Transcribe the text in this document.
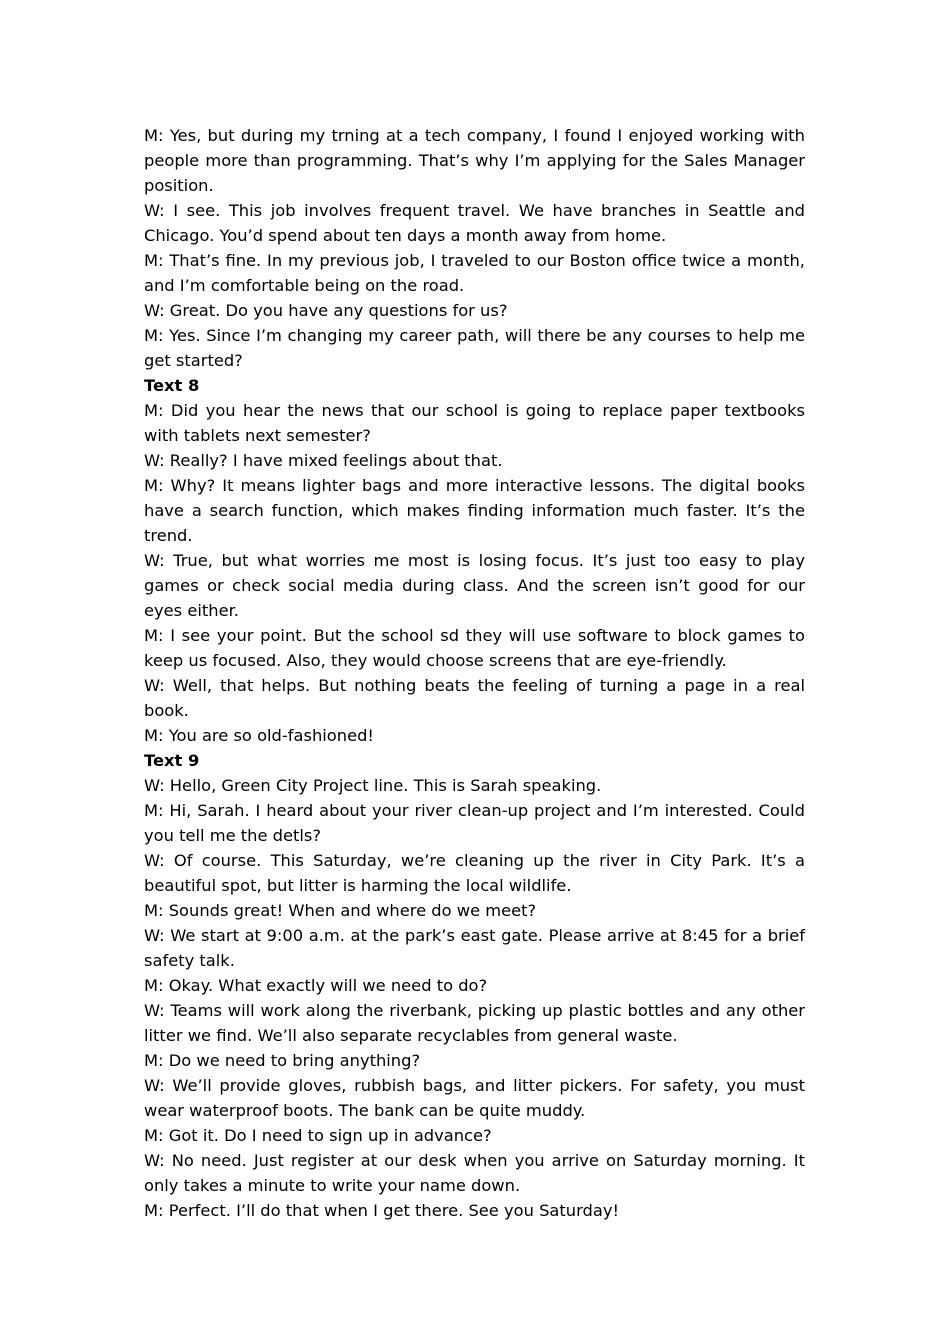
M: Yes, but during my trning at a tech company, I found I enjoyed working with people more than programming. That’s why I’m applying for the Sales Manager position.

W: I see. This job involves frequent travel. We have branches in Seattle and Chicago. You’d spend about ten days a month away from home.

M: That’s fine. In my previous job, I traveled to our Boston office twice a month, and I’m comfortable being on the road.

W: Great. Do you have any questions for us?

M: Yes. Since I’m changing my career path, will there be any courses to help me get started?

Text 8

M: Did you hear the news that our school is going to replace paper textbooks with tablets next semester?

W: Really? I have mixed feelings about that.

M: Why? It means lighter bags and more interactive lessons. The digital books have a search function, which makes finding information much faster. It’s the trend.

W: True, but what worries me most is losing focus. It’s just too easy to play games or check social media during class. And the screen isn’t good for our eyes either.

M: I see your point. But the school sd they will use software to block games to keep us focused. Also, they would choose screens that are eye-friendly.

W: Well, that helps. But nothing beats the feeling of turning a page in a real book.

M: You are so old-fashioned!

Text 9

W: Hello, Green City Project line. This is Sarah speaking.

M: Hi, Sarah. I heard about your river clean-up project and I’m interested. Could you tell me the detls?

W: Of course. This Saturday, we’re cleaning up the river in City Park. It’s a beautiful spot, but litter is harming the local wildlife.

M: Sounds great! When and where do we meet?

W: We start at 9:00 a.m. at the park’s east gate. Please arrive at 8:45 for a brief safety talk.

M: Okay. What exactly will we need to do?

W: Teams will work along the riverbank, picking up plastic bottles and any other litter we find. We’ll also separate recyclables from general waste.

M: Do we need to bring anything?

W: We’ll provide gloves, rubbish bags, and litter pickers. For safety, you must wear waterproof boots. The bank can be quite muddy.

M: Got it. Do I need to sign up in advance?

W: No need. Just register at our desk when you arrive on Saturday morning. It only takes a minute to write your name down.

M: Perfect. I’ll do that when I get there. See you Saturday!
